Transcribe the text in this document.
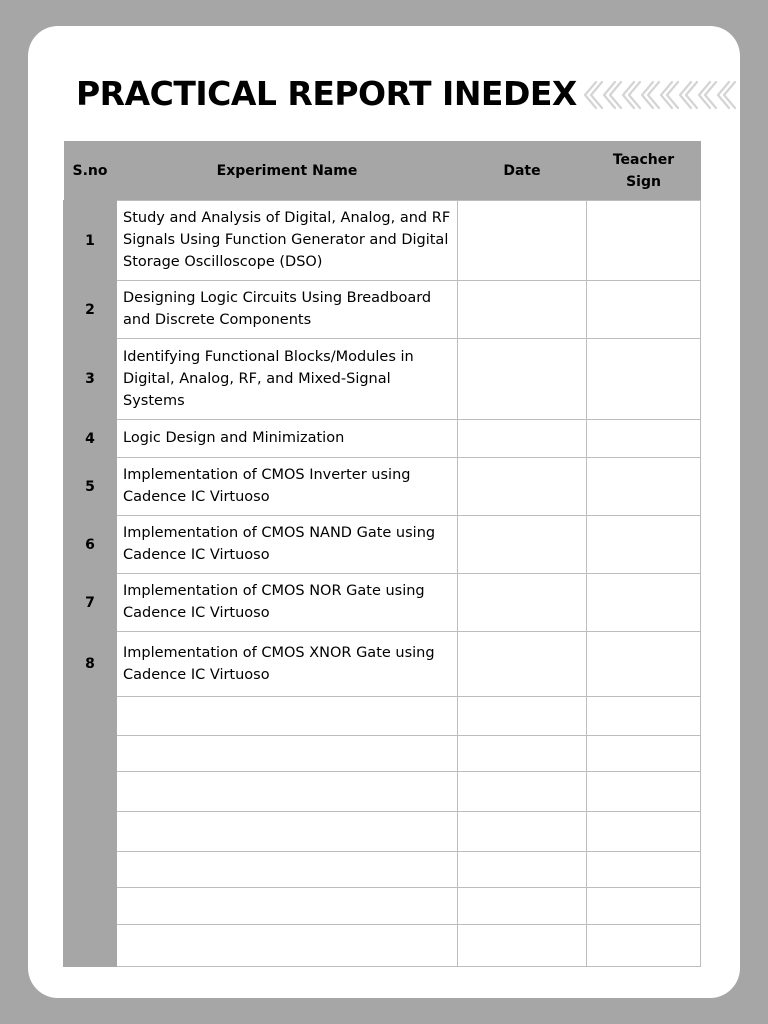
PRACTICAL REPORT INEDEX
S.no	Experiment Name	Date	Teacher
Sign
1	Study and Analysis of Digital, Analog, and RF Signals Using Function Generator and Digital Storage Oscilloscope (DSO)		
2	Designing Logic Circuits Using Breadboard and Discrete Components		
3	Identifying Functional Blocks/Modules in Digital, Analog, RF, and Mixed-Signal Systems		
4	Logic Design and Minimization		
5	Implementation of CMOS Inverter using Cadence IC Virtuoso		
6	Implementation of CMOS NAND Gate using Cadence IC Virtuoso		
7	Implementation of CMOS NOR Gate using Cadence IC Virtuoso		
8	Implementation of CMOS XNOR Gate using Cadence IC Virtuoso		
